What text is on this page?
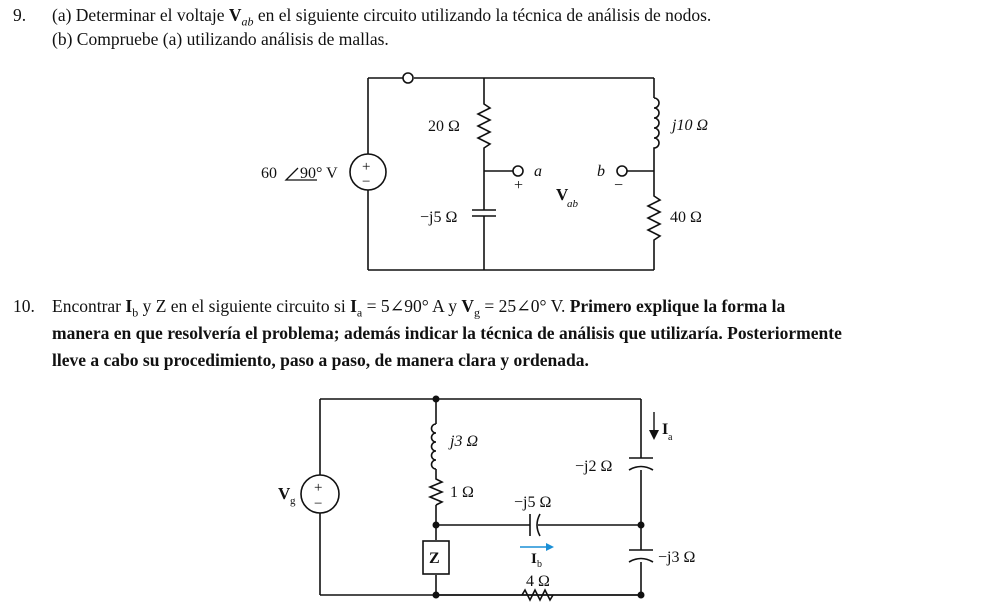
9. (a) Determinar el voltaje $V_{ab}$ en el siguiente circuito utilizando la técnica de análisis de nodos.
(b) Compruebe (a) utilizando análisis de mallas.
10. Encontrar $I_b$ y Z en el siguiente circuito si $I_a$ = 5∠90° A y $V_g$ = 25∠0° V. Primero explique la forma la
manera en que resolvería el problema; además indicar la técnica de análisis que utilizaría. Posteriormente
lleve a cabo su procedimiento, paso a paso, de manera clara y ordenada.
+
−
60 90° V
20 Ω
−j5 Ω
j10 Ω
40 Ω
a	b
+	−
V
ab
Z
+
−
V g
I a
I b
j3 Ω
1 Ω
−j2 Ω
−j5 Ω
−j3 Ω
4 Ω
